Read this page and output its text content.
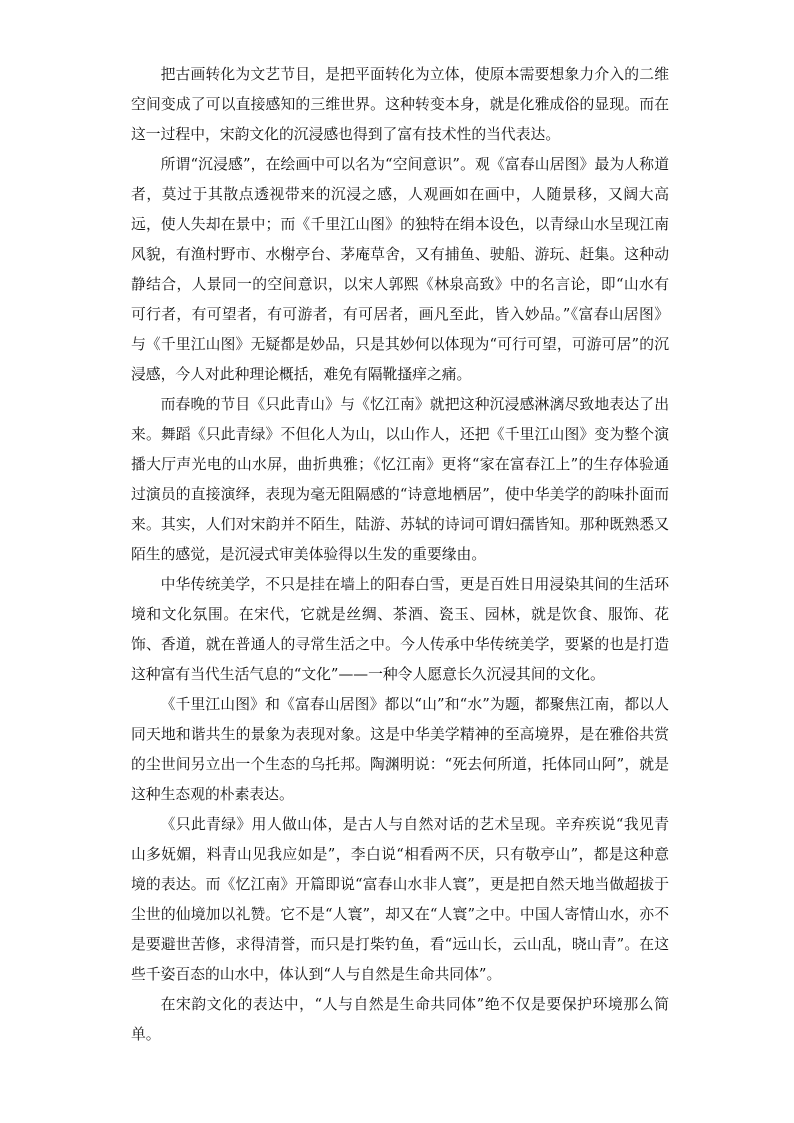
把古画转化为文艺节目，是把平面转化为立体，使原本需要想象力介入的二维空间变成了可以直接感知的三维世界。这种转变本身，就是化雅成俗的显现。而在这一过程中，宋韵文化的沉浸感也得到了富有技术性的当代表达。

所谓“沉浸感”，在绘画中可以名为“空间意识”。观《富春山居图》最为人称道者，莫过于其散点透视带来的沉浸之感，人观画如在画中，人随景移，又阔大高远，使人失却在景中；而《千里江山图》的独特在绢本设色，以青绿山水呈现江南风貌，有渔村野市、水榭亭台、茅庵草舍，又有捕鱼、驶船、游玩、赶集。这种动静结合，人景同一的空间意识，以宋人郭熙《林泉高致》中的名言论，即“山水有可行者，有可望者，有可游者，有可居者，画凡至此，皆入妙品。”《富春山居图》与《千里江山图》无疑都是妙品，只是其妙何以体现为“可行可望，可游可居”的沉浸感，今人对此种理论概括，难免有隔靴搔痒之痛。

而春晚的节目《只此青山》与《忆江南》就把这种沉浸感淋漓尽致地表达了出来。舞蹈《只此青绿》不但化人为山，以山作人，还把《千里江山图》变为整个演播大厅声光电的山水屏，曲折典雅；《忆江南》更将“家在富春江上”的生存体验通过演员的直接演绎，表现为毫无阻隔感的“诗意地栖居”，使中华美学的韵味扑面而来。其实，人们对宋韵并不陌生，陆游、苏轼的诗词可谓妇孺皆知。那种既熟悉又陌生的感觉，是沉浸式审美体验得以生发的重要缘由。

中华传统美学，不只是挂在墙上的阳春白雪，更是百姓日用浸染其间的生活环境和文化氛围。在宋代，它就是丝绸、茶酒、瓷玉、园林，就是饮食、服饰、花饰、香道，就在普通人的寻常生活之中。今人传承中华传统美学，要紧的也是打造这种富有当代生活气息的“文化”——一种令人愿意长久沉浸其间的文化。

《千里江山图》和《富春山居图》都以“山”和“水”为题，都聚焦江南，都以人同天地和谐共生的景象为表现对象。这是中华美学精神的至高境界，是在雅俗共赏的尘世间另立出一个生态的乌托邦。陶渊明说：“死去何所道，托体同山阿”，就是这种生态观的朴素表达。

《只此青绿》用人做山体，是古人与自然对话的艺术呈现。辛弃疾说“我见青山多妩媚，料青山见我应如是”，李白说“相看两不厌，只有敬亭山”，都是这种意境的表达。而《忆江南》开篇即说“富春山水非人寰”，更是把自然天地当做超拔于尘世的仙境加以礼赞。它不是“人寰”，却又在“人寰”之中。中国人寄情山水，亦不是要避世苦修，求得清誉，而只是打柴钓鱼，看“远山长，云山乱，晓山青”。在这些千姿百态的山水中，体认到“人与自然是生命共同体”。

在宋韵文化的表达中，“人与自然是生命共同体”绝不仅是要保护环境那么简单。
